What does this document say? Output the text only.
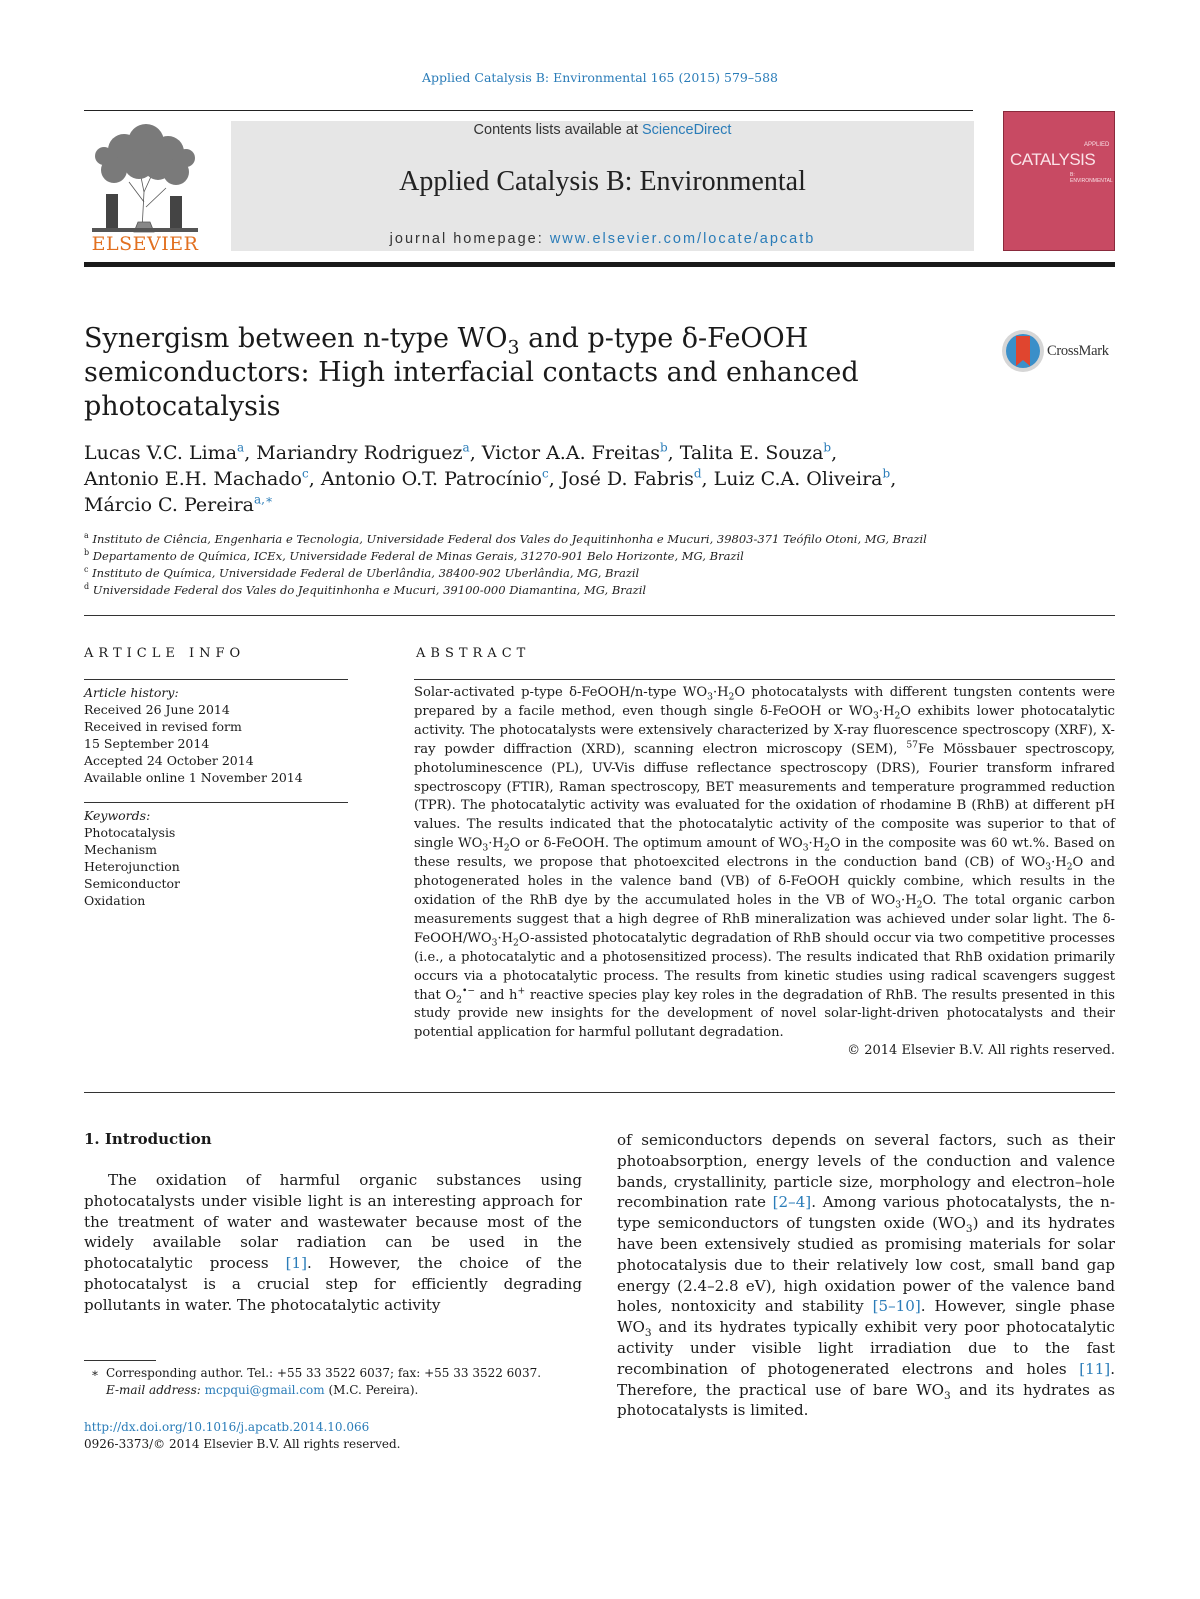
Applied Catalysis B: Environmental 165 (2015) 579–588
ELSEVIER
Contents lists available at ScienceDirect
Applied Catalysis B: Environmental
journal homepage: www.elsevier.com/locate/apcatb
APPLIED
CATALYSIS
B: ENVIRONMENTAL
Synergism between n-type $WO_3$ and p-type δ-FeOOH semiconductors: High interfacial contacts and enhanced photocatalysis
CrossMark
Lucas V.C. Lima$^a$, Mariandry Rodriguez$^a$, Victor A.A. Freitas$^b$, Talita E. Souza$^b$,
Antonio E.H. Machado$^c$, Antonio O.T. Patrocínio$^c$, José D. Fabris$^d$, Luiz C.A. Oliveira$^b$,
Márcio C. Pereira$^{a,∗}$
$^a$ Instituto de Ciência, Engenharia e Tecnologia, Universidade Federal dos Vales do Jequitinhonha e Mucuri, 39803-371 Teófilo Otoni, MG, Brazil
$^b$ Departamento de Química, ICEx, Universidade Federal de Minas Gerais, 31270-901 Belo Horizonte, MG, Brazil
$^c$ Instituto de Química, Universidade Federal de Uberlândia, 38400-902 Uberlândia, MG, Brazil
$^d$ Universidade Federal dos Vales do Jequitinhonha e Mucuri, 39100-000 Diamantina, MG, Brazil
ARTICLE INFO	ABSTRACT
Article history:
Received 26 June 2014
Received in revised form
15 September 2014
Accepted 24 October 2014
Available online 1 November 2014
Keywords:
Photocatalysis
Mechanism
Heterojunction
Semiconductor
Oxidation
Solar-activated p-type δ-FeOOH/n-type $WO_3\cdot H_2O$ photocatalysts with different tungsten contents were prepared by a facile method, even though single δ-FeOOH or $WO_3\cdot H_2O$ exhibits lower photocatalytic activity. The photocatalysts were extensively characterized by X-ray fluorescence spectroscopy (XRF), X-ray powder diffraction (XRD), scanning electron microscopy (SEM), $^{57}$Fe Mössbauer spectroscopy, photoluminescence (PL), UV-Vis diffuse reflectance spectroscopy (DRS), Fourier transform infrared spectroscopy (FTIR), Raman spectroscopy, BET measurements and temperature programmed reduction (TPR). The photocatalytic activity was evaluated for the oxidation of rhodamine B (RhB) at different pH values. The results indicated that the photocatalytic activity of the composite was superior to that of single $WO_3\cdot H_2O$ or δ-FeOOH. The optimum amount of $WO_3\cdot H_2O$ in the composite was 60 wt.%. Based on these results, we propose that photoexcited electrons in the conduction band (CB) of $WO_3\cdot H_2O$ and photogenerated holes in the valence band (VB) of δ-FeOOH quickly combine, which results in the oxidation of the RhB dye by the accumulated holes in the VB of $WO_3\cdot H_2O$. The total organic carbon measurements suggest that a high degree of RhB mineralization was achieved under solar light. The $\delta-FeOOH/WO_3\cdot H_2O$-assisted photocatalytic degradation of RhB should occur via two competitive processes (i.e., a photocatalytic and a photosensitized process). The results indicated that RhB oxidation primarily occurs via a photocatalytic process. The results from kinetic studies using radical scavengers suggest that $O_2^{•-}$ and h+ reactive species play key roles in the degradation of RhB. The results presented in this study provide new insights for the development of novel solar-light-driven photocatalysts and their potential application for harmful pollutant degradation.
© 2014 Elsevier B.V. All rights reserved.
1. Introduction
The oxidation of harmful organic substances using photocatalysts under visible light is an interesting approach for the treatment of water and wastewater because most of the widely available solar radiation can be used in the photocatalytic process [1]. However, the choice of the photocatalyst is a crucial step for efficiently degrading pollutants in water. The photocatalytic activity
of semiconductors depends on several factors, such as their photoabsorption, energy levels of the conduction and valence bands, crystallinity, particle size, morphology and electron–hole recombination rate [2–4]. Among various photocatalysts, the n-type semiconductors of tungsten oxide $(WO_3)$ and its hydrates have been extensively studied as promising materials for solar photocatalysis due to their relatively low cost, small band gap energy (2.4–2.8 eV), high oxidation power of the valence band holes, nontoxicity and stability [5–10]. However, single phase $WO_3$ and its hydrates typically exhibit very poor photocatalytic activity under visible light irradiation due to the fast recombination of photogenerated electrons and holes [11]. Therefore, the practical use of bare $WO_3$ and its hydrates as photocatalysts is limited.
∗ Corresponding author. Tel.: +55 33 3522 6037; fax: +55 33 3522 6037.
E-mail address: mcpqui@gmail.com (M.C. Pereira).
http://dx.doi.org/10.1016/j.apcatb.2014.10.066
0926-3373/© 2014 Elsevier B.V. All rights reserved.
